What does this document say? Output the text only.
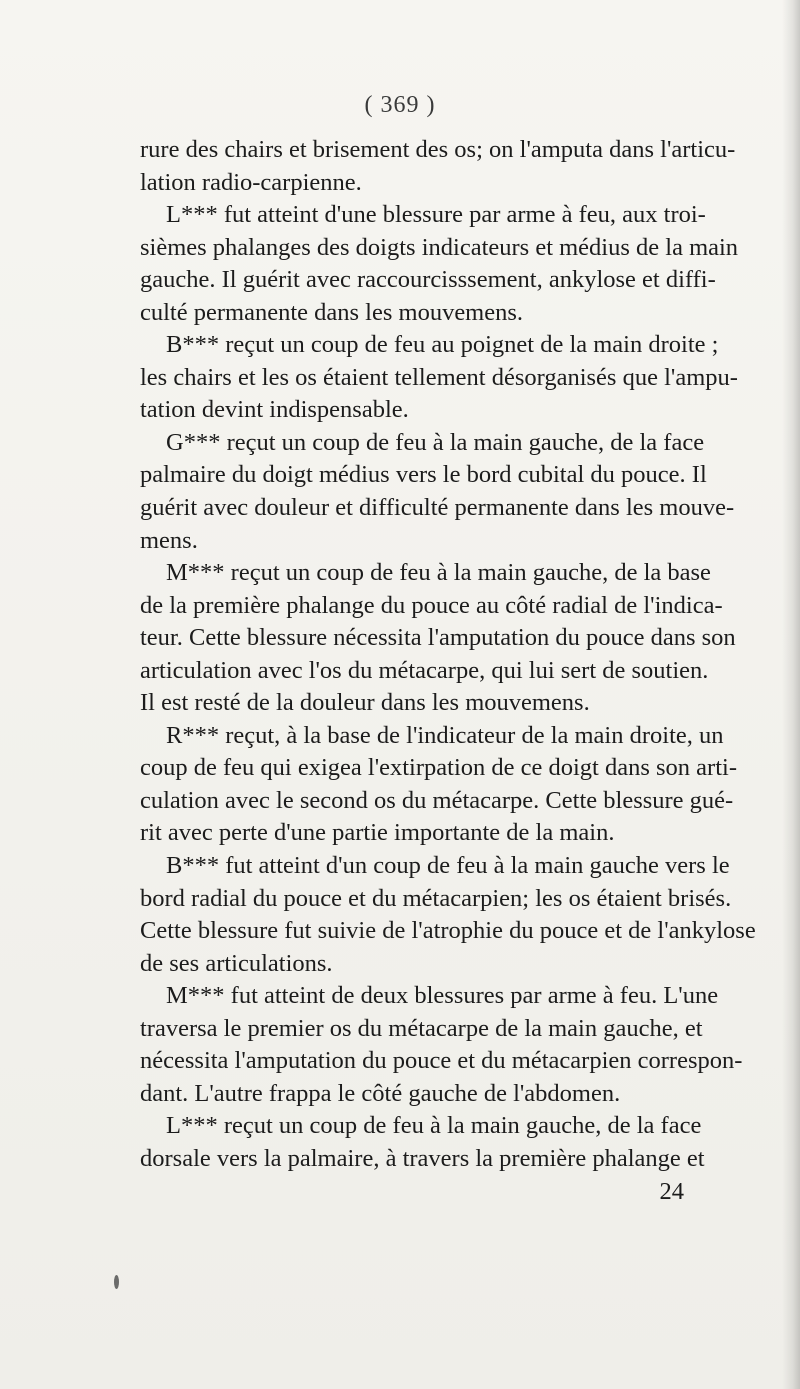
( 369 )
rure des chairs et brisement des os; on l'amputa dans l'articu-
lation radio-carpienne.
L*** fut atteint d'une blessure par arme à feu, aux troi-
sièmes phalanges des doigts indicateurs et médius de la main
gauche. Il guérit avec raccourcisssement, ankylose et diffi-
culté permanente dans les mouvemens.
B*** reçut un coup de feu au poignet de la main droite ;
les chairs et les os étaient tellement désorganisés que l'ampu-
tation devint indispensable.
G*** reçut un coup de feu à la main gauche, de la face
palmaire du doigt médius vers le bord cubital du pouce. Il
guérit avec douleur et difficulté permanente dans les mouve-
mens.
M*** reçut un coup de feu à la main gauche, de la base
de la première phalange du pouce au côté radial de l'indica-
teur. Cette blessure nécessita l'amputation du pouce dans son
articulation avec l'os du métacarpe, qui lui sert de soutien.
Il est resté de la douleur dans les mouvemens.
R*** reçut, à la base de l'indicateur de la main droite, un
coup de feu qui exigea l'extirpation de ce doigt dans son arti-
culation avec le second os du métacarpe. Cette blessure gué-
rit avec perte d'une partie importante de la main.
B*** fut atteint d'un coup de feu à la main gauche vers le
bord radial du pouce et du métacarpien; les os étaient brisés.
Cette blessure fut suivie de l'atrophie du pouce et de l'ankylose
de ses articulations.
M*** fut atteint de deux blessures par arme à feu. L'une
traversa le premier os du métacarpe de la main gauche, et
nécessita l'amputation du pouce et du métacarpien correspon-
dant. L'autre frappa le côté gauche de l'abdomen.
L*** reçut un coup de feu à la main gauche, de la face
dorsale vers la palmaire, à travers la première phalange et
24
